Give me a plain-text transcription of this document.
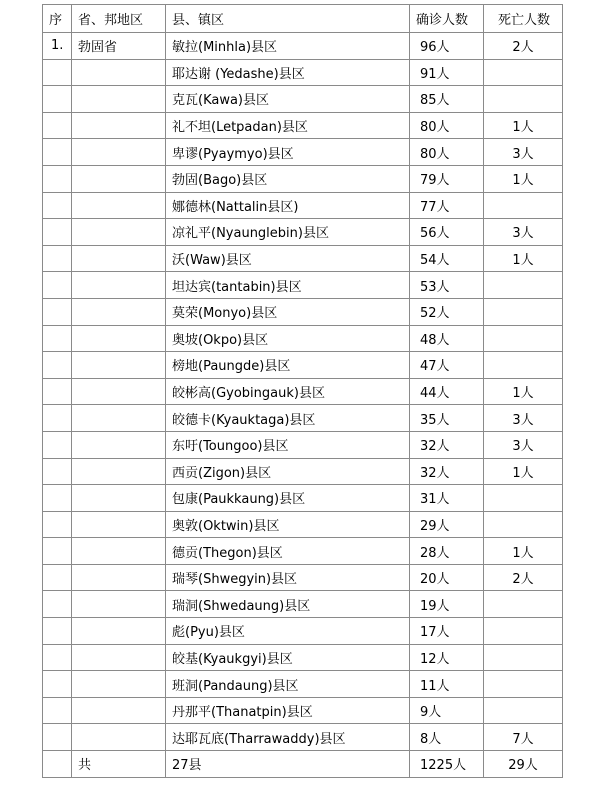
序	省、邦地区	县、镇区	确诊人数	死亡人数
1.	勃固省	敏拉(Minhla)县区	96人	2人
		耶达谢 (Yedashe)县区	91人	
		克瓦(Kawa)县区	85人	
		礼不坦(Letpadan)县区	80人	1人
		卑谬(Pyaymyo)县区	80人	3人
		勃固(Bago)县区	79人	1人
		娜德林(Nattalin县区)	77人	
		凉礼平(Nyaunglebin)县区	56人	3人
		沃(Waw)县区	54人	1人
		坦达宾(tantabin)县区	53人	
		莫荣(Monyo)县区	52人	
		奥坡(Okpo)县区	48人	
		榜地(Paungde)县区	47人	
		皎彬高(Gyobingauk)县区	44人	1人
		皎德卡(Kyauktaga)县区	35人	3人
		东吁(Toungoo)县区	32人	3人
		西贡(Zigon)县区	32人	1人
		包康(Paukkaung)县区	31人	
		奥敦(Oktwin)县区	29人	
		德贡(Thegon)县区	28人	1人
		瑞琴(Shwegyin)县区	20人	2人
		瑞洞(Shwedaung)县区	19人	
		彪(Pyu)县区	17人	
		皎基(Kyaukgyi)县区	12人	
		班洞(Pandaung)县区	11人	
		丹那平(Thanatpin)县区	9人	
		达耶瓦底(Tharrawaddy)县区	8人	7人
	共	27县	1225人	29人
